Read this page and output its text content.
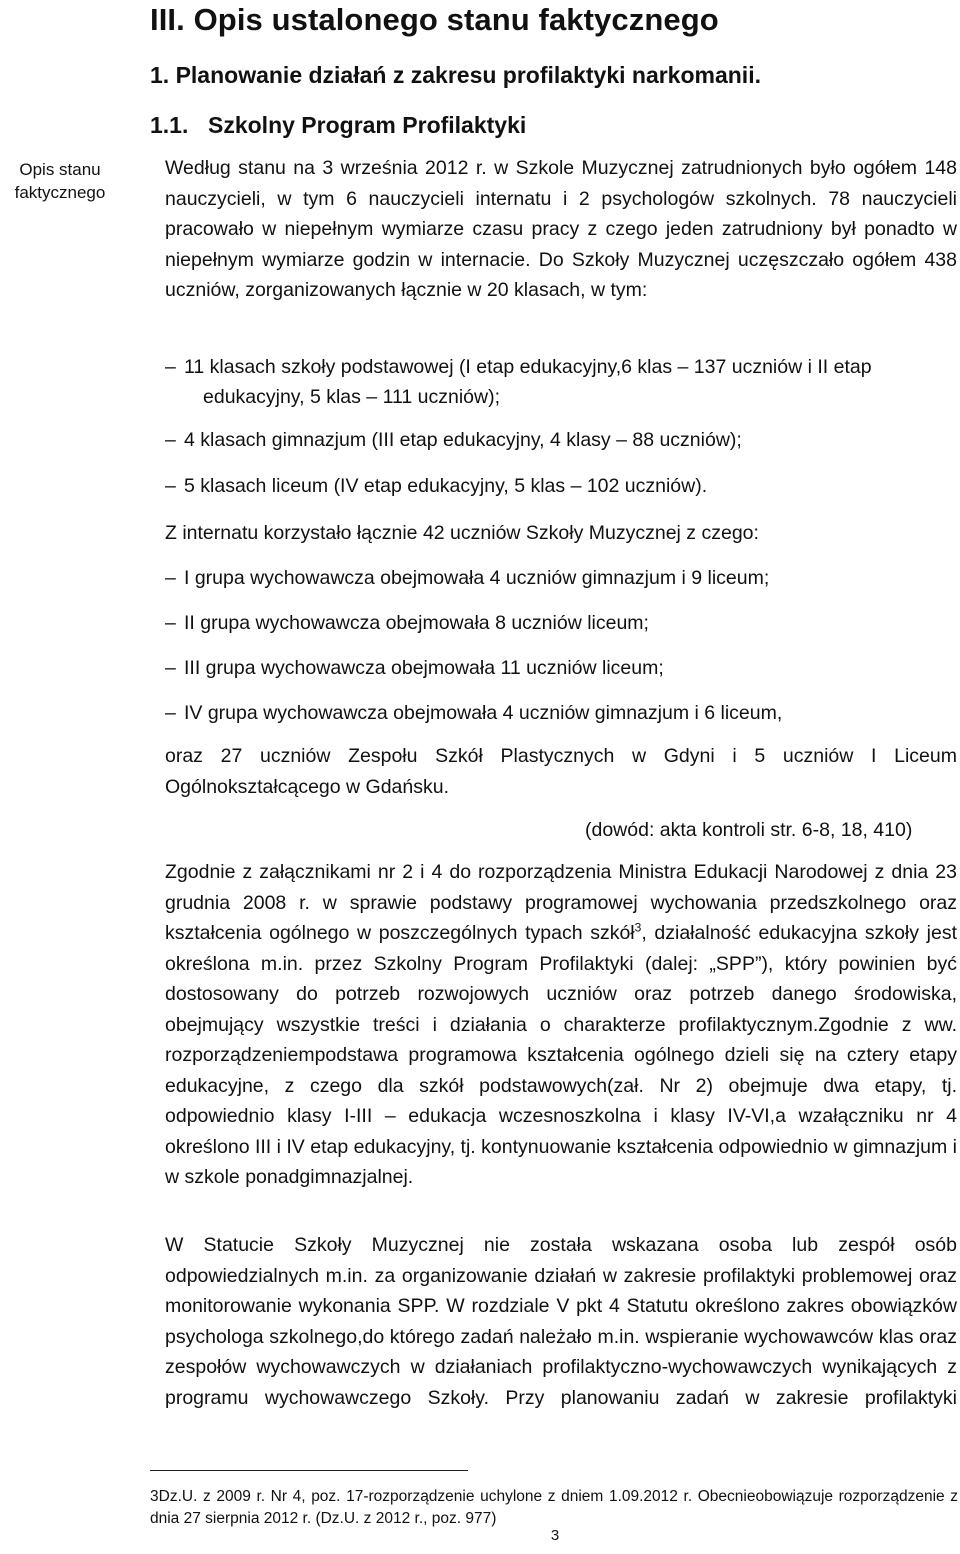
III. Opis ustalonego stanu faktycznego
1. Planowanie działań z zakresu profilaktyki narkomanii.
1.1. Szkolny Program Profilaktyki
Opis stanu
faktycznego
Według stanu na 3 września 2012 r. w Szkole Muzycznej zatrudnionych było ogółem 148 nauczycieli, w tym 6 nauczycieli internatu i 2 psychologów szkolnych. 78 nauczycieli pracowało w niepełnym wymiarze czasu pracy z czego jeden zatrudniony był ponadto w niepełnym wymiarze godzin w internacie. Do Szkoły Muzycznej uczęszczało ogółem 438 uczniów, zorganizowanych łącznie w 20 klasach, w tym:
– 11 klasach szkoły podstawowej (I etap edukacyjny,6 klas – 137 uczniów i II etap
edukacyjny, 5 klas – 111 uczniów);
– 4 klasach gimnazjum (III etap edukacyjny, 4 klasy – 88 uczniów);
– 5 klasach liceum (IV etap edukacyjny, 5 klas – 102 uczniów).
Z internatu korzystało łącznie 42 uczniów Szkoły Muzycznej z czego:
– I grupa wychowawcza obejmowała 4 uczniów gimnazjum i 9 liceum;
– II grupa wychowawcza obejmowała 8 uczniów liceum;
– III grupa wychowawcza obejmowała 11 uczniów liceum;
– IV grupa wychowawcza obejmowała 4 uczniów gimnazjum i 6 liceum,
oraz 27 uczniów Zespołu Szkół Plastycznych w Gdyni i 5 uczniów I Liceum Ogólnokształcącego w Gdańsku.
(dowód: akta kontroli str. 6-8, 18, 410)
Zgodnie z załącznikami nr 2 i 4 do rozporządzenia Ministra Edukacji Narodowej z dnia 23 grudnia 2008 r. w sprawie podstawy programowej wychowania przedszkolnego oraz kształcenia ogólnego w poszczególnych typach szkół$^3$, działalność edukacyjna szkoły jest określona m.in. przez Szkolny Program Profilaktyki (dalej: „SPP”), który powinien być dostosowany do potrzeb rozwojowych uczniów oraz potrzeb danego środowiska, obejmujący wszystkie treści i działania o charakterze profilaktycznym.Zgodnie z ww. rozporządzeniempodstawa programowa kształcenia ogólnego dzieli się na cztery etapy edukacyjne, z czego dla szkół podstawowych(zał. Nr 2) obejmuje dwa etapy, tj. odpowiednio klasy I-III – edukacja wczesnoszkolna i klasy IV-VI,a wzałączniku nr 4 określono III i IV etap edukacyjny, tj. kontynuowanie kształcenia odpowiednio w gimnazjum i w szkole ponadgimnazjalnej.
W Statucie Szkoły Muzycznej nie została wskazana osoba lub zespół osób odpowiedzialnych m.in. za organizowanie działań w zakresie profilaktyki problemowej oraz monitorowanie wykonania SPP. W rozdziale V pkt 4 Statutu określono zakres obowiązków psychologa szkolnego,do którego zadań należało m.in. wspieranie wychowawców klas oraz zespołów wychowawczych w działaniach profilaktyczno-wychowawczych wynikających z programu wychowawczego Szkoły. Przy planowaniu zadań w zakresie profilaktyki
3Dz.U. z 2009 r. Nr 4, poz. 17-rozporządzenie uchylone z dniem 1.09.2012 r. Obecnieobowiązuje rozporządzenie z dnia 27 sierpnia 2012 r. (Dz.U. z 2012 r., poz. 977)
3
